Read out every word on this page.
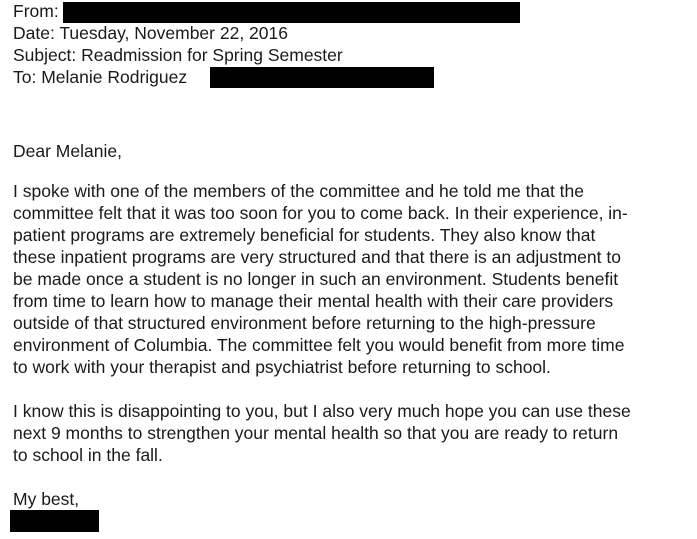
From:
Date: Tuesday, November 22, 2016
Subject: Readmission for Spring Semester
To: Melanie Rodriguez
Dear Melanie,
I spoke with one of the members of the committee and he told me that the
committee felt that it was too soon for you to come back. In their experience, in-
patient programs are extremely beneficial for students. They also know that
these inpatient programs are very structured and that there is an adjustment to
be made once a student is no longer in such an environment. Students benefit
from time to learn how to manage their mental health with their care providers
outside of that structured environment before returning to the high-pressure
environment of Columbia. The committee felt you would benefit from more time
to work with your therapist and psychiatrist before returning to school.
I know this is disappointing to you, but I also very much hope you can use these
next 9 months to strengthen your mental health so that you are ready to return
to school in the fall.
My best,
